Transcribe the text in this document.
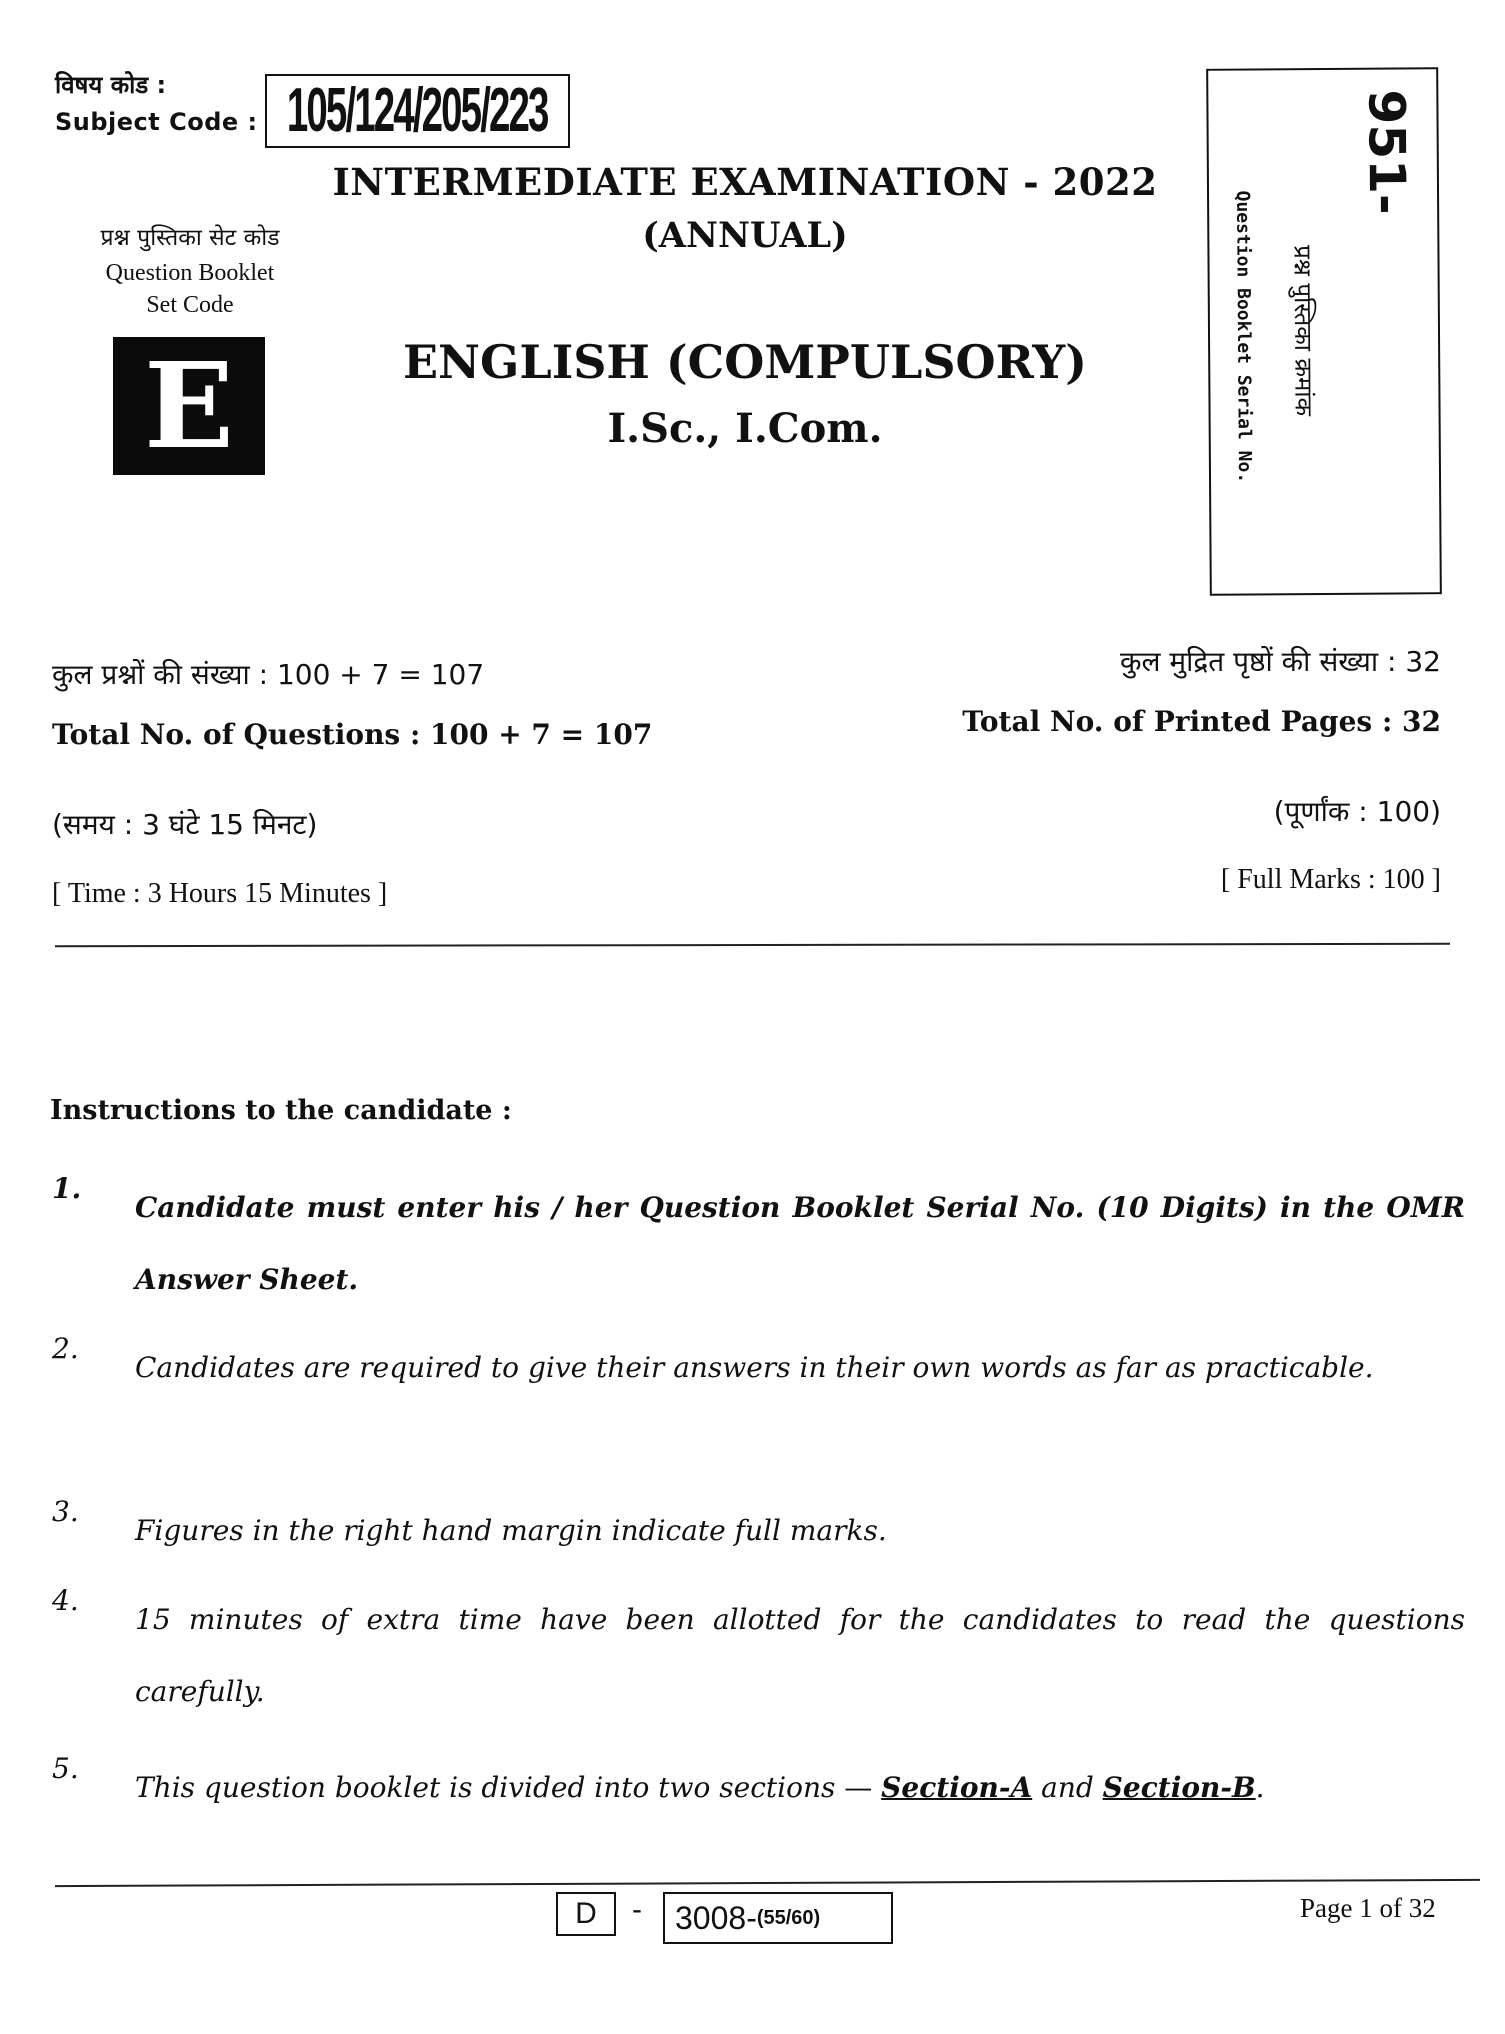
विषय कोड :
Subject Code : 105/124/205/223
प्रश्न पुस्तिका सेट कोड
Question Booklet
Set Code
E
INTERMEDIATE EXAMINATION - 2022
(ANNUAL)
ENGLISH (COMPULSORY)
I.Sc., I.Com.
951-
प्रश्न पुस्तिका क्रमांक
Question Booklet Serial No.
कुल प्रश्नों की संख्या : 100 + 7 = 107
Total No. of Questions : 100 + 7 = 107
कुल मुद्रित पृष्ठों की संख्या : 32
Total No. of Printed Pages : 32
(समय : 3 घंटे 15 मिनट)
[ Time : 3 Hours 15 Minutes ]
(पूर्णांक : 100)
[ Full Marks : 100 ]
Instructions to the candidate :
1.
Candidate must enter his / her Question Booklet Serial No. (10 Digits) in the OMR Answer Sheet.
2.
Candidates are required to give their answers in their own words as far as practicable.
3.
Figures in the right hand margin indicate full marks.
4.
15 minutes of extra time have been allotted for the candidates to read the questions carefully.
5.
This question booklet is divided into two sections — Section-A and Section-B.
D - 3008- (55/60)	Page 1 of 32
